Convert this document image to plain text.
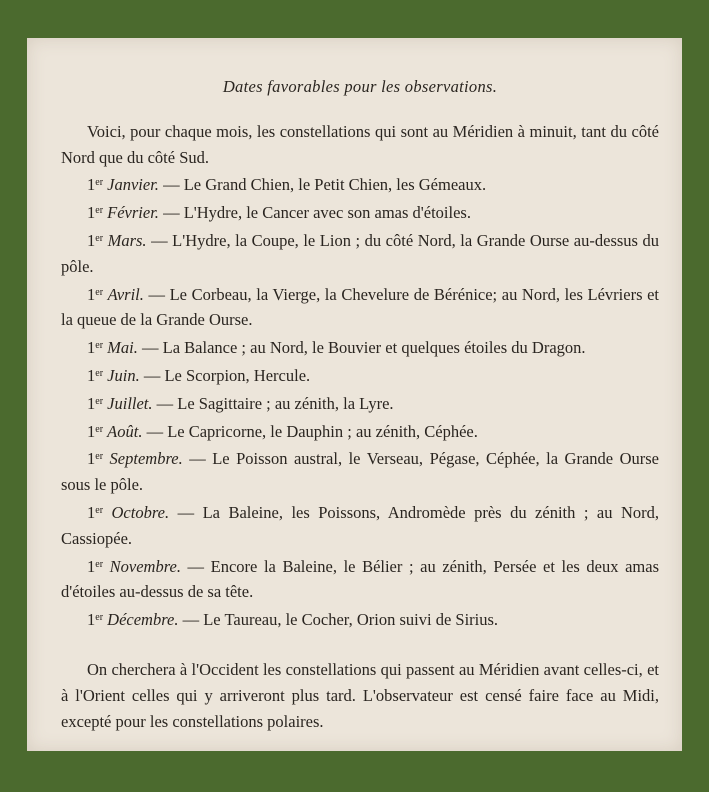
Dates favorables pour les observations.

Voici, pour chaque mois, les constellations qui sont au Méridien à minuit, tant du côté Nord que du côté Sud.

1er Janvier. — Le Grand Chien, le Petit Chien, les Gémeaux.

1er Février. — L'Hydre, le Cancer avec son amas d'étoiles.

1er Mars. — L'Hydre, la Coupe, le Lion ; du côté Nord, la Grande Ourse au-dessus du pôle.

1er Avril. — Le Corbeau, la Vierge, la Chevelure de Bérénice; au Nord, les Lévriers et la queue de la Grande Ourse.

1er Mai. — La Balance ; au Nord, le Bouvier et quelques étoiles du Dragon.

1er Juin. — Le Scorpion, Hercule.

1er Juillet. — Le Sagittaire ; au zénith, la Lyre.

1er Août. — Le Capricorne, le Dauphin ; au zénith, Céphée.

1er Septembre. — Le Poisson austral, le Verseau, Pégase, Céphée, la Grande Ourse sous le pôle.

1er Octobre. — La Baleine, les Poissons, Andromède près du zénith ; au Nord, Cassiopée.

1er Novembre. — Encore la Baleine, le Bélier ; au zénith, Persée et les deux amas d'étoiles au-dessus de sa tête.

1er Décembre. — Le Taureau, le Cocher, Orion suivi de Sirius.

On cherchera à l'Occident les constellations qui passent au Méridien avant celles-ci, et à l'Orient celles qui y arriveront plus tard. L'observateur est censé faire face au Midi, excepté pour les constellations polaires.
